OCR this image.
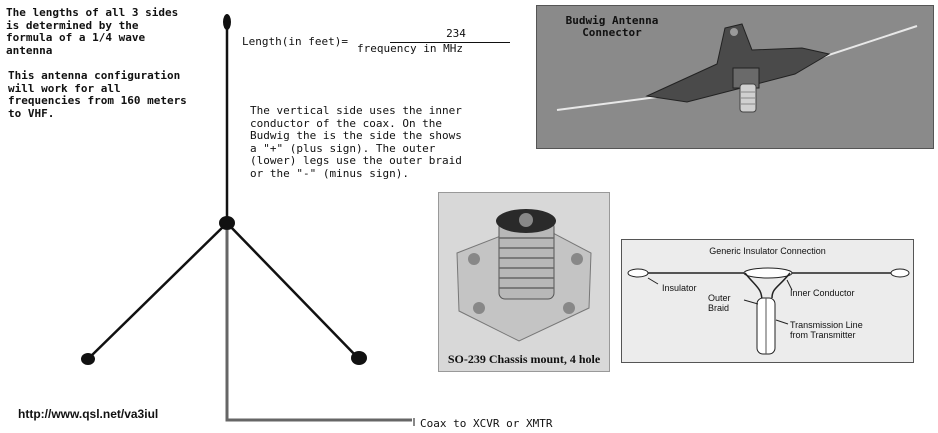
The lengths of all 3 sides
is determined by the
formula of a 1/4 wave
antenna
This antenna configuration
will work for all
frequencies from 160 meters
to VHF.

Length(in feet)=

234

frequency in MHz

The vertical side uses the inner
conductor of the coax. On the
Budwig the is the side the shows
a "+" (plus sign). The outer
(lower) legs use the outer braid
or the "-" (minus sign).
http://www.qsl.net/va3iul
Coax to XCVR or XMTR
Budwig Antenna
Connector
SO-239 Chassis mount, 4 hole
Generic Insulator Connection
Insulator
Outer
Braid
Inner Conductor
Transmission Line
from Transmitter
